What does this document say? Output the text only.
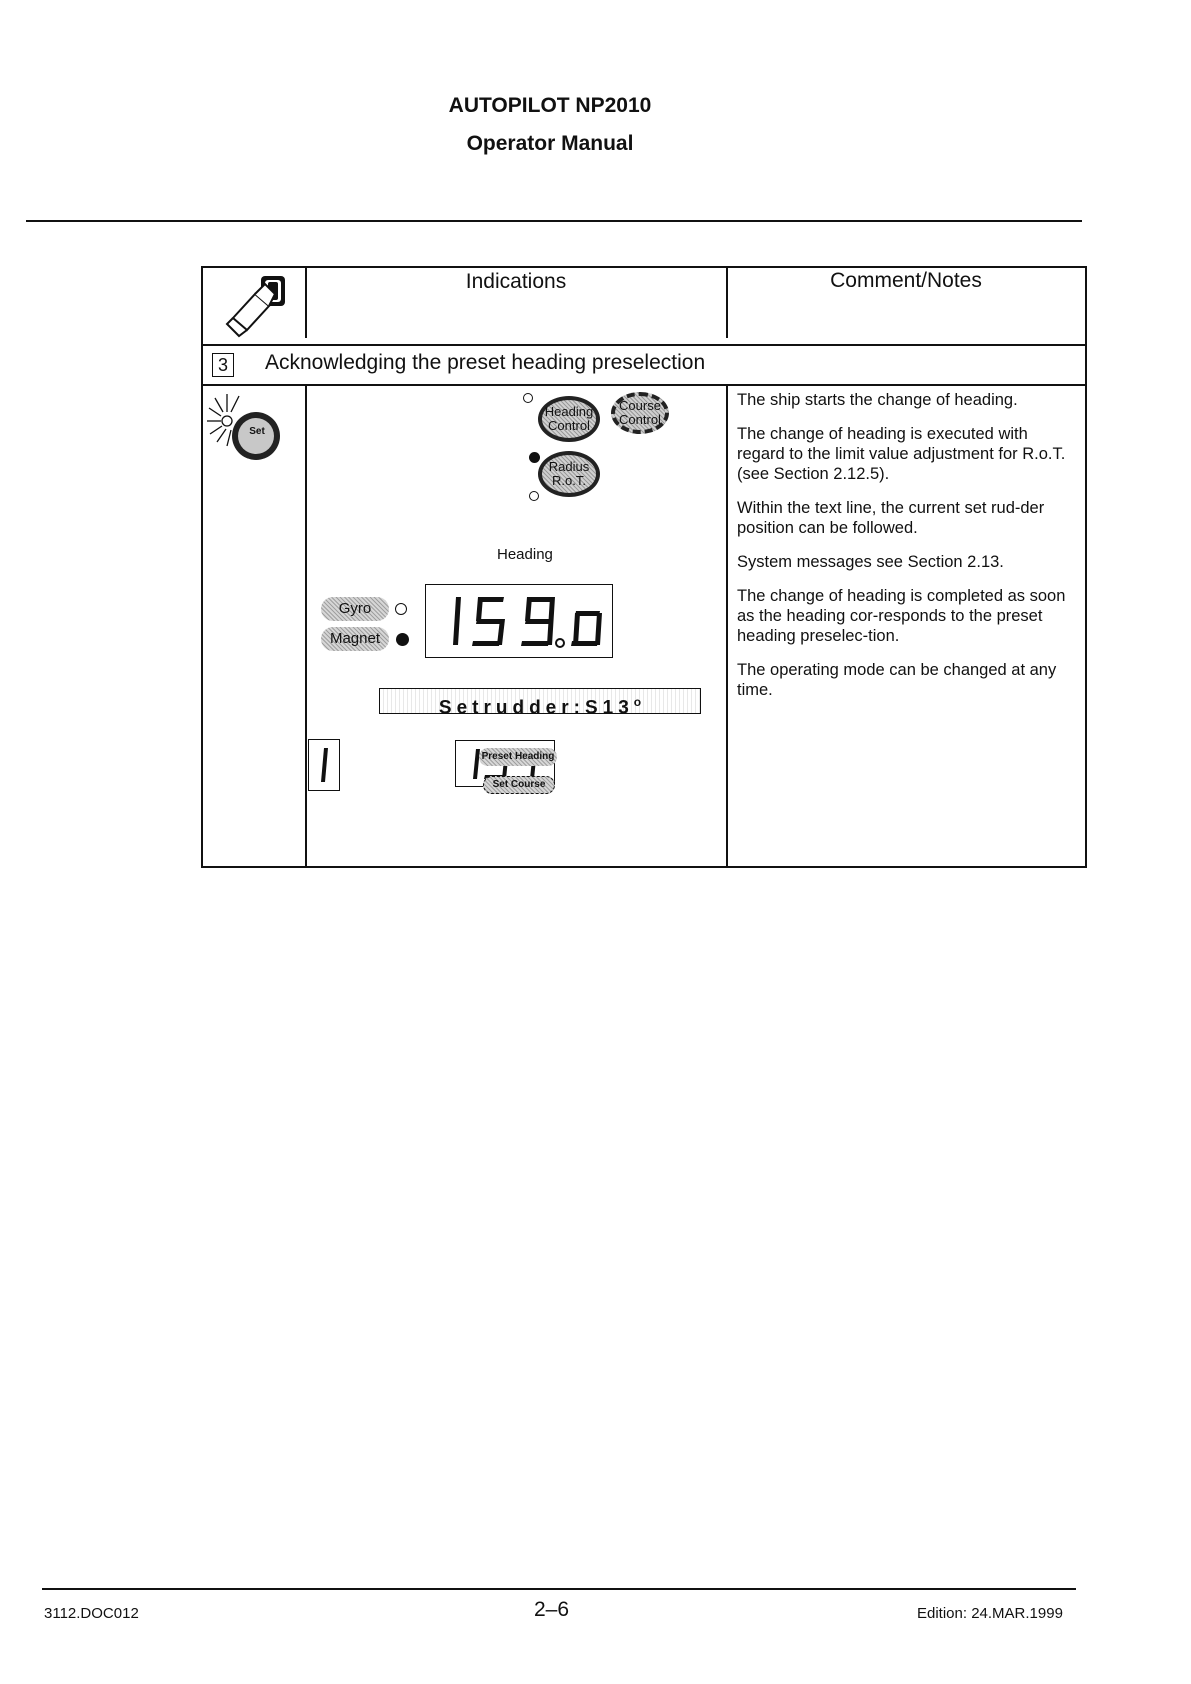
AUTOPILOT NP2010
Operator Manual
Indications	Comment/Notes
3 Acknowledging the preset heading preselection
Set
Heading
Control
Course
Control
Radius
R.o.T.
Heading
Gyro
Magnet
Setrudder:S13$^o$
Preset Heading
Set Course

The ship starts the change of heading.

The change of heading is executed with regard to the limit value adjustment for R.o.T. (see Section 2.12.5).

Within the text line, the current set rud-der position can be followed.

System messages see Section 2.13.

The change of heading is completed as soon as the heading cor-responds to the preset heading preselec-tion.

The operating mode can be changed at any time.

3112.DOC012	2–6	Edition: 24.MAR.1999
